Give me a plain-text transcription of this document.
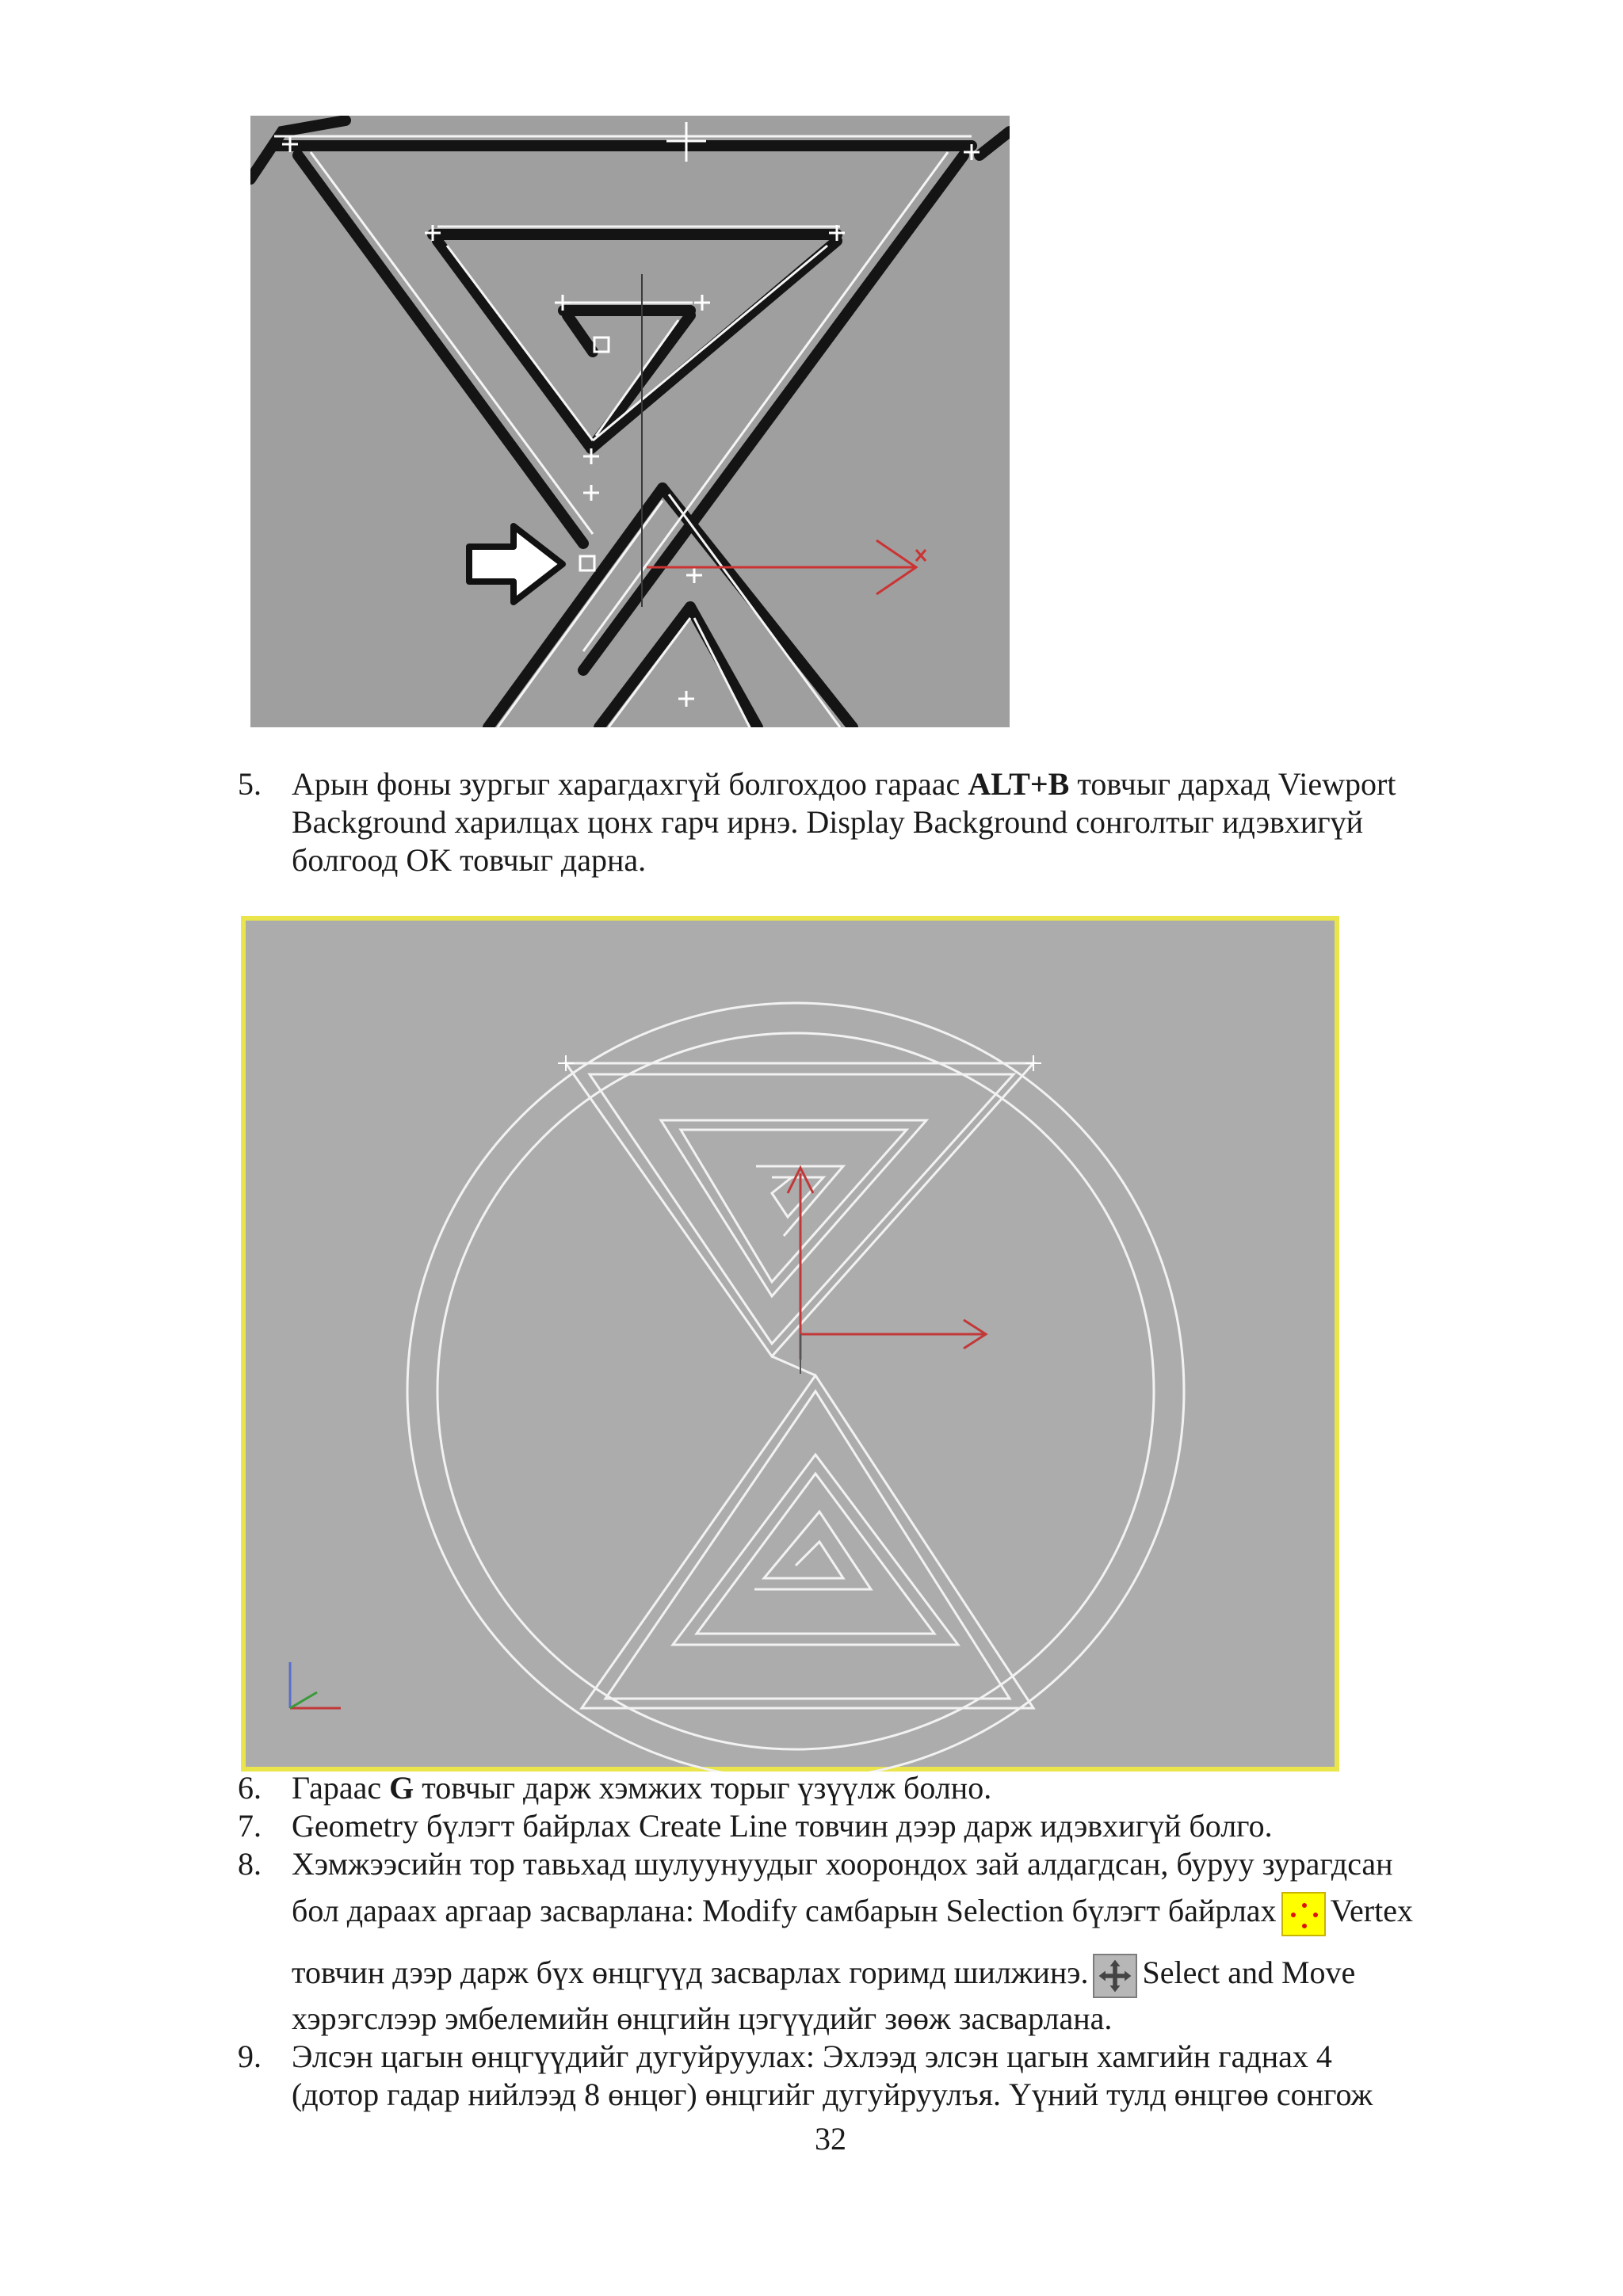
5. Арын фоны зургыг харагдахгүй болгохдоо гараас ALT+B товчыг дархад Viewport
Background харилцах цонх гарч ирнэ. Display Background сонголтыг идэвхигүй
болгоод OK товчыг дарна.
6. Гараас G товчыг дарж хэмжих торыг үзүүлж болно.
7. Geometry бүлэгт байрлах Create Line товчин дээр дарж идэвхигүй болго.
8. Хэмжээсийн тор тавьхад шулуунуудыг хоорондох зай алдагдсан, буруу зурагдсан
бол дараах аргаар засварлана: Modify самбарын Selection бүлэгт байрлах Vertex
товчин дээр дарж бүх өнцгүүд засварлах горимд шилжинэ. Select and Move
хэрэгслээр эмбелемийн өнцгийн цэгүүдийг зөөж засварлана.
9. Элсэн цагын өнцгүүдийг дугуйруулах: Эхлээд элсэн цагын хамгийн гаднах 4
(дотор гадар нийлээд 8 өнцөг) өнцгийг дугуйруулъя. Үүний тулд өнцгөө сонгож
32
